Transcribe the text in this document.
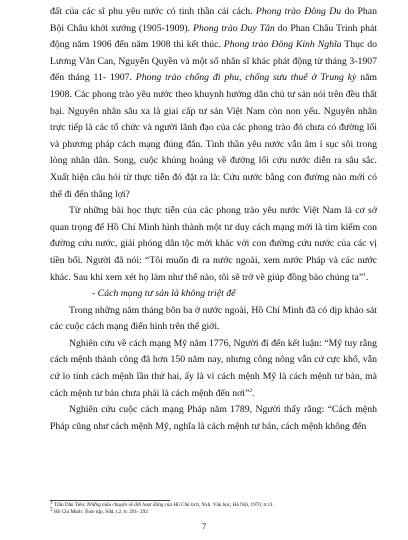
đất của các sĩ phu yêu nước có tinh thần cải cách. Phong trào Đông Du do Phan Bội Châu khởi xướng (1905-1909). Phong trào Duy Tân do Phan Châu Trinh phát động năm 1906 đến năm 1908 thì kết thúc. Phong trào Đông Kinh Nghĩa Thục do Lương Văn Can, Nguyễn Quyền và một số nhân sĩ khác phát động từ tháng 3-1907 đến tháng 11- 1907. Phong trào chống đi phu, chống sưu thuế ở Trung kỳ năm 1908. Các phong trào yêu nước theo khuynh hướng dân chủ tư sản nói trên đều thất bại. Nguyên nhân sâu xa là giai cấp tư sản Việt Nam còn non yếu. Nguyên nhân trực tiếp là các tổ chức và người lãnh đạo của các phong trào đó chưa có đường lối và phương pháp cách mạng đúng đắn. Tình thần yêu nước vẫn âm ỉ sục sôi trong lòng nhân dân. Song, cuộc khủng hoảng về đường lối cứu nước diễn ra sâu sắc. Xuất hiện câu hỏi từ thực tiễn đó đặt ra là: Cứu nước bằng con đường nào mới có thể đi đến thắng lợi?

Từ những bài học thực tiễn của các phong trào yêu nước Việt Nam là cơ sở quan trọng để Hồ Chí Minh hình thành một tư duy cách mạng mới là tìm kiếm con đường cứu nước, giải phóng dân tộc mới khác với con đường cứu nước của các vị tiền bối. Người đã nói: “Tôi muốn đi ra nước ngoài, xem nước Pháp và các nước khác. Sau khi xem xét họ làm như thế nào, tôi sẽ trở về giúp đồng bào chúng ta”$^1$.

- Cách mạng tư sản là không triệt để

Trong những năm tháng bôn ba ở nước ngoài, Hồ Chí Minh đã có dịp khảo sát các cuộc cách mạng điển hình trên thế giới.

Nghiên cứu về cách mạng Mỹ năm 1776, Người đi đến kết luận: “Mỹ tuy rằng cách mệnh thành công đã hơn 150 năm nay, nhưng công nông vẫn cứ cực khổ, vẫn cứ lo tính cách mệnh lần thứ hai, ấy là vì cách mệnh Mỹ là cách mệnh tư bản, mà cách mệnh tư bản chưa phải là cách mệnh đến nơi”$^2$.

Nghiên cứu cuộc cách mạng Pháp năm 1789, Người thấy rằng: “Cách mệnh Pháp cũng như cách mệnh Mỹ, nghĩa là cách mệnh tư bản, cách mệnh không đến

$^1$ Trần Dân Tiên: Những mẩu chuyện về đời hoạt động của Hồ Chủ tịch, Nxb. Văn học, Hà Nội, 1970, tr.11.

$^2$ Hồ Chí Minh: Toàn tập, Sđd, t.2, tr. 291- 292

7
